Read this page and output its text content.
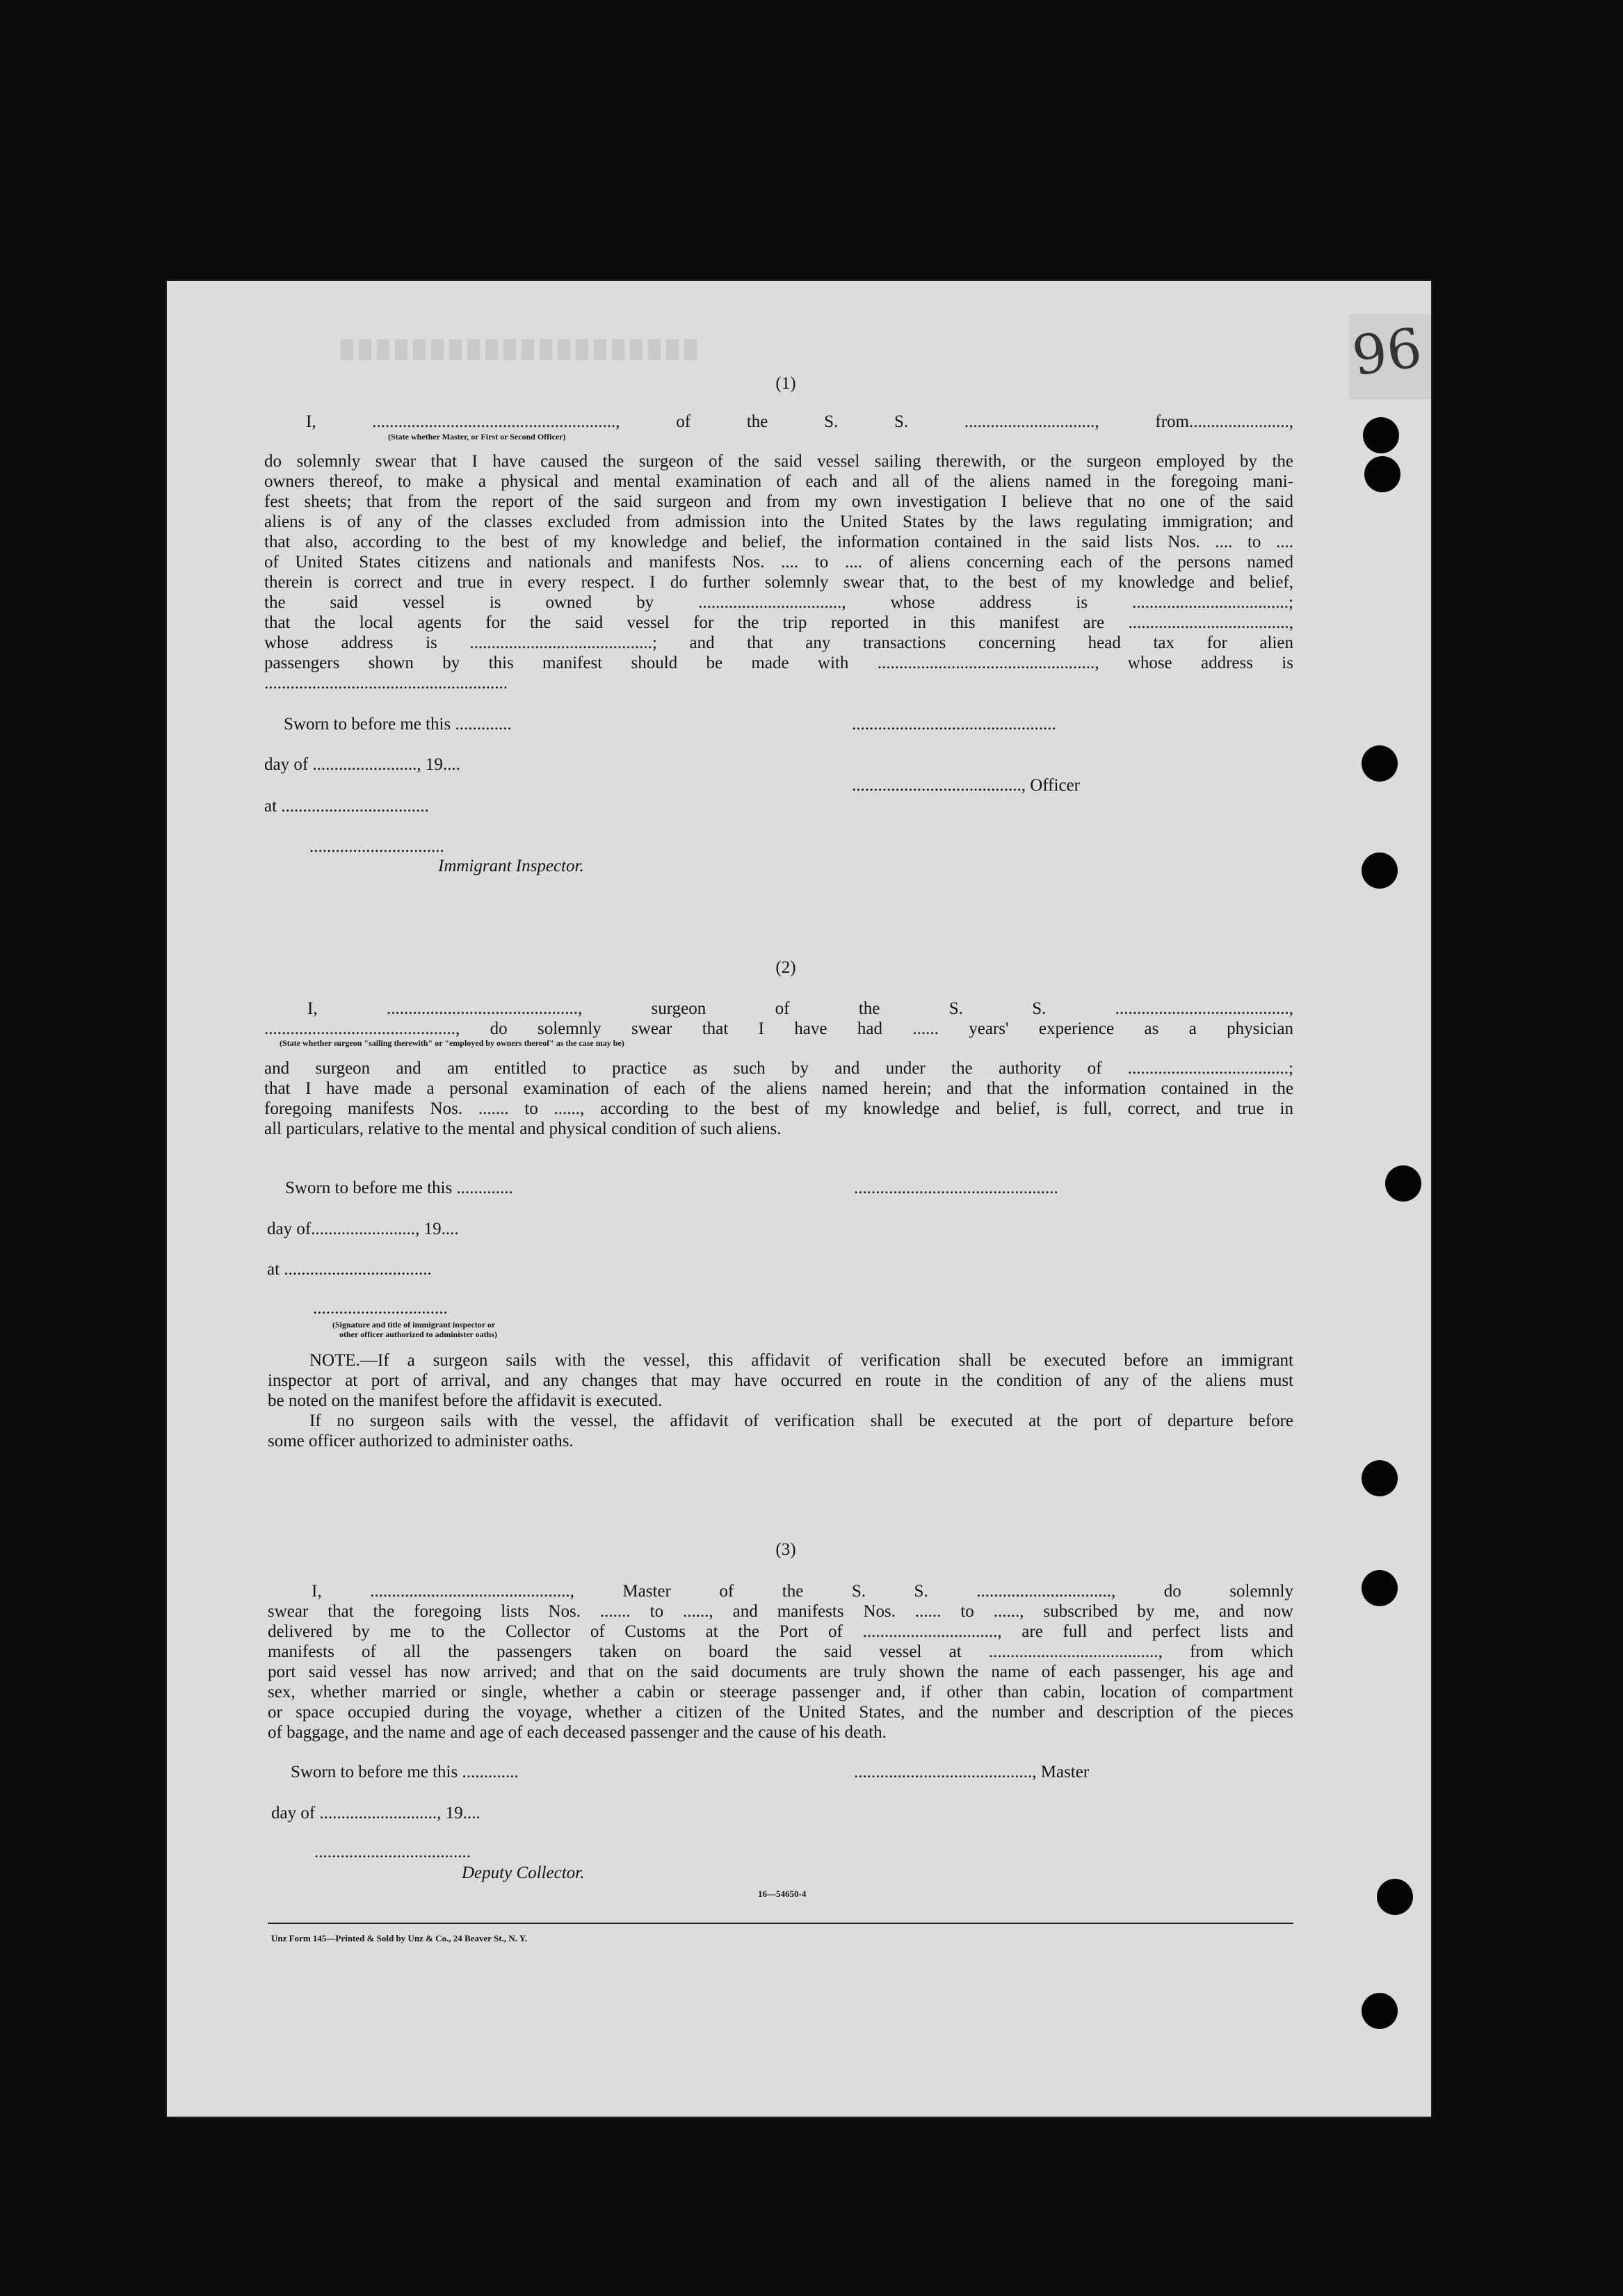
96
(1)
I, ........................................................, of the S. S. .............................., from.......................,
(State whether Master, or First or Second Officer)
do solemnly swear that I have caused the surgeon of the said vessel sailing therewith, or the surgeon employed by the
owners thereof, to make a physical and mental examination of each and all of the aliens named in the foregoing mani-
fest sheets; that from the report of the said surgeon and from my own investigation I believe that no one of the said
aliens is of any of the classes excluded from admission into the United States by the laws regulating immigration; and
that also, according to the best of my knowledge and belief, the information contained in the said lists Nos. .... to ....
of United States citizens and nationals and manifests Nos. .... to .... of aliens concerning each of the persons named
therein is correct and true in every respect. I do further solemnly swear that, to the best of my knowledge and belief,
the said vessel is owned by ................................., whose address is ....................................;
that the local agents for the said vessel for the trip reported in this manifest are .....................................,
whose address is ..........................................; and that any transactions concerning head tax for alien
passengers shown by this manifest should be made with .................................................., whose address is
........................................................
Sworn to before me this .............
day of ........................, 19....
at ..................................
...............................
Immigrant Inspector.
...............................................
......................................., Officer
(2)
I, ............................................, surgeon of the S. S. ........................................,
............................................, do solemnly swear that I have had ...... years' experience as a physician
(State whether surgeon "sailing therewith" or "employed by owners thereof" as the case may be)
and surgeon and am entitled to practice as such by and under the authority of .....................................;
that I have made a personal examination of each of the aliens named herein; and that the information contained in the
foregoing manifests Nos. ....... to ......, according to the best of my knowledge and belief, is full, correct, and true in
all particulars, relative to the mental and physical condition of such aliens.
Sworn to before me this .............
day of........................, 19....
at ..................................
...............................
(Signature and title of immigrant inspector or
other officer authorized to administer oaths)
...............................................
NOTE.—If a surgeon sails with the vessel, this affidavit of verification shall be executed before an immigrant
inspector at port of arrival, and any changes that may have occurred en route in the condition of any of the aliens must
be noted on the manifest before the affidavit is executed.
If no surgeon sails with the vessel, the affidavit of verification shall be executed at the port of departure before
some officer authorized to administer oaths.
(3)
I, .............................................., Master of the S. S. ..............................., do solemnly
swear that the foregoing lists Nos. ....... to ......, and manifests Nos. ...... to ......, subscribed by me, and now
delivered by me to the Collector of Customs at the Port of ..............................., are full and perfect lists and
manifests of all the passengers taken on board the said vessel at ......................................., from which
port said vessel has now arrived; and that on the said documents are truly shown the name of each passenger, his age and
sex, whether married or single, whether a cabin or steerage passenger and, if other than cabin, location of compartment
or space occupied during the voyage, whether a citizen of the United States, and the number and description of the pieces
of baggage, and the name and age of each deceased passenger and the cause of his death.
Sworn to before me this .............
day of ..........................., 19....
....................................
Deputy Collector.
........................................., Master
16—54650-4
Unz Form 145—Printed & Sold by Unz & Co., 24 Beaver St., N. Y.
